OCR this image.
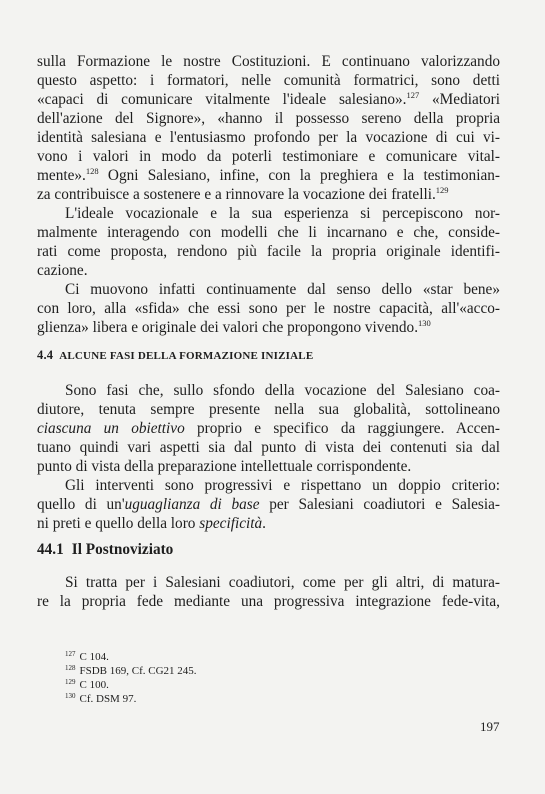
sulla Formazione le nostre Costituzioni. E continuano valorizzando
questo aspetto: i formatori, nelle comunità formatrici, sono detti
«capaci di comunicare vitalmente l'ideale salesiano».$^{127}$ «Mediatori
dell'azione del Signore», «hanno il possesso sereno della propria
identità salesiana e l'entusiasmo profondo per la vocazione di cui vi-
vono i valori in modo da poterli testimoniare e comunicare vital-
mente».$^{128}$ Ogni Salesiano, infine, con la preghiera e la testimonian-
za contribuisce a sostenere e a rinnovare la vocazione dei fratelli.$^{129}$
L'ideale vocazionale e la sua esperienza si percepiscono nor-
malmente interagendo con modelli che li incarnano e che, conside-
rati come proposta, rendono più facile la propria originale identifi-
cazione.
Ci muovono infatti continuamente dal senso dello «star bene»
con loro, alla «sfida» che essi sono per le nostre capacità, all'«acco-
glienza» libera e originale dei valori che propongono vivendo.$^{130}$
4.4 ALCUNE FASI DELLA FORMAZIONE INIZIALE
Sono fasi che, sullo sfondo della vocazione del Salesiano coa-
diutore, tenuta sempre presente nella sua globalità, sottolineano
ciascuna un obiettivo proprio e specifico da raggiungere. Accen-
tuano quindi vari aspetti sia dal punto di vista dei contenuti sia dal
punto di vista della preparazione intellettuale corrispondente.
Gli interventi sono progressivi e rispettano un doppio criterio:
quello di un'uguaglianza di base per Salesiani coadiutori e Salesia-
ni preti e quello della loro specificità.
44.1 Il Postnoviziato
Si tratta per i Salesiani coadiutori, come per gli altri, di matura-
re la propria fede mediante una progressiva integrazione fede-vita,
$^{127}$ C 104.
$^{128}$ FSDB 169, Cf. CG21 245.
$^{129}$ C 100.
$^{130}$ Cf. DSM 97.
197
